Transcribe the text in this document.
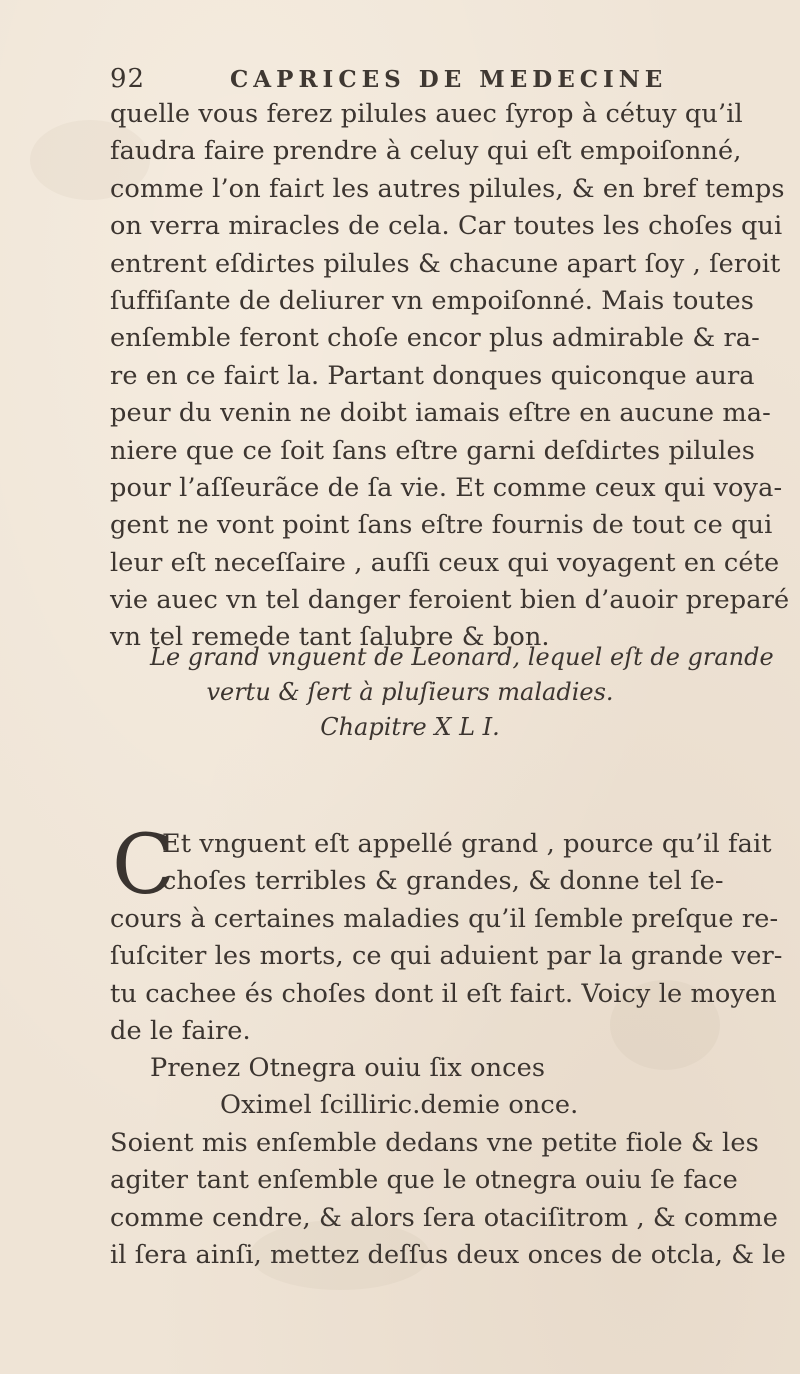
92	CAPRICES DE MEDECINE
quelle vous ferez pilules auec ſyrop à cétuy qu’il
faudra faire prendre à celuy qui eſt empoiſonné,
comme l’on faiɾt les autres pilules, & en bref temps
on verra miracles de cela. Car toutes les choſes qui
entrent eſdiɾtes pilules & chacune apart ſoy , ſeroit
ſuffiſante de deliurer vn empoiſonné. Mais toutes
enſemble feront choſe encor plus admirable & ra-
re en ce faiɾt la. Partant donques quiconque aura
peur du venin ne doibt iamais eſtre en aucune ma-
niere que ce ſoit ſans eſtre garni deſdiɾtes pilules
pour l’aſſeurãce de ſa vie. Et comme ceux qui voya-
gent ne vont point ſans eſtre fournis de tout ce qui
leur eſt neceſſaire , auſſi ceux qui voyagent en céte
vie auec vn tel danger feroient bien d’auoir preparé
vn tel remede tant ſalubre & bon.
Le grand vnguent de Leonard, lequel eſt de grande
vertu & ſert à pluſieurs maladies.
Chapitre X L I.
C
Et vnguent eſt appellé grand , pource qu’il fait
choſes terribles & grandes, & donne tel ſe-
cours à certaines maladies qu’il ſemble preſque re-
ſuſciter les morts, ce qui aduient par la grande ver-
tu cachee és choſes dont il eſt faiɾt. Voicy le moyen
de le faire.
Prenez Otnegra ouiu ſix onces
Oximel ſcilliric.demie once.
Soient mis enſemble dedans vne petite fiole & les
agiter tant enſemble que le otnegra ouiu ſe face
comme cendre, & alors ſera otaciſitrom , & comme
il ſera ainſi, mettez deſſus deux onces de otcla, & le
